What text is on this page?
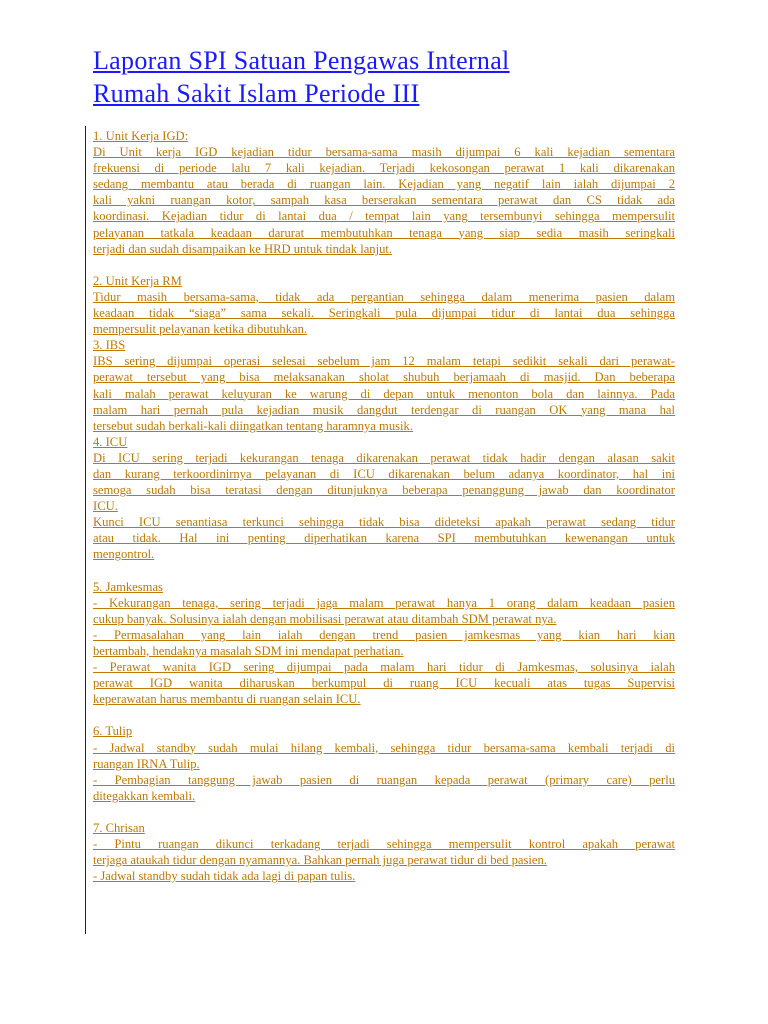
Laporan SPI Satuan Pengawas Internal
Rumah Sakit Islam Periode III
1. Unit Kerja IGD:
Di Unit kerja IGD kejadian tidur bersama-sama masih dijumpai 6 kali kejadian sementara
frekuensi di periode lalu 7 kali kejadian. Terjadi kekosongan perawat 1 kali dikarenakan
sedang membantu atau berada di ruangan lain. Kejadian yang negatif lain ialah dijumpai 2
kali yakni ruangan kotor, sampah kasa berserakan sementara perawat dan CS tidak ada
koordinasi. Kejadian tidur di lantai dua / tempat lain yang tersembunyi sehingga mempersulit
pelayanan tatkala keadaan darurat membutuhkan tenaga yang siap sedia masih seringkali
terjadi dan sudah disampaikan ke HRD untuk tindak lanjut.
2. Unit Kerja RM
Tidur masih bersama-sama, tidak ada pergantian sehingga dalam menerima pasien dalam
keadaan tidak “siaga” sama sekali. Seringkali pula dijumpai tidur di lantai dua sehingga
mempersulit pelayanan ketika dibutuhkan.
3. IBS
IBS sering dijumpai operasi selesai sebelum jam 12 malam tetapi sedikit sekali dari perawat-
perawat tersebut yang bisa melaksanakan sholat shubuh berjamaah di masjid. Dan beberapa
kali malah perawat keluyuran ke warung di depan untuk menonton bola dan lainnya. Pada
malam hari pernah pula kejadian musik dangdut terdengar di ruangan OK yang mana hal
tersebut sudah berkali-kali diingatkan tentang haramnya musik.
4. ICU
Di ICU sering terjadi kekurangan tenaga dikarenakan perawat tidak hadir dengan alasan sakit
dan kurang terkoordinirnya pelayanan di ICU dikarenakan belum adanya koordinator, hal ini
semoga sudah bisa teratasi dengan ditunjuknya beberapa penanggung jawab dan koordinator
ICU.
Kunci ICU senantiasa terkunci sehingga tidak bisa dideteksi apakah perawat sedang tidur
atau tidak. Hal ini penting diperhatikan karena SPI membutuhkan kewenangan untuk
mengontrol.
5. Jamkesmas
- Kekurangan tenaga, sering terjadi jaga malam perawat hanya 1 orang dalam keadaan pasien
cukup banyak. Solusinya ialah dengan mobilisasi perawat atau ditambah SDM perawat nya.
- Permasalahan yang lain ialah dengan trend pasien jamkesmas yang kian hari kian
bertambah, hendaknya masalah SDM ini mendapat perhatian.
- Perawat wanita IGD sering dijumpai pada malam hari tidur di Jamkesmas, solusinya ialah
perawat IGD wanita diharuskan berkumpul di ruang ICU kecuali atas tugas Supervisi
keperawatan harus membantu di ruangan selain ICU.
6. Tulip
- Jadwal standby sudah mulai hilang kembali, sehingga tidur bersama-sama kembali terjadi di
ruangan IRNA Tulip.
- Pembagian tanggung jawab pasien di ruangan kepada perawat (primary care) perlu
ditegakkan kembali.
7. Chrisan
- Pintu ruangan dikunci terkadang terjadi sehingga mempersulit kontrol apakah perawat
terjaga ataukah tidur dengan nyamannya. Bahkan pernah juga perawat tidur di bed pasien.
- Jadwal standby sudah tidak ada lagi di papan tulis.
